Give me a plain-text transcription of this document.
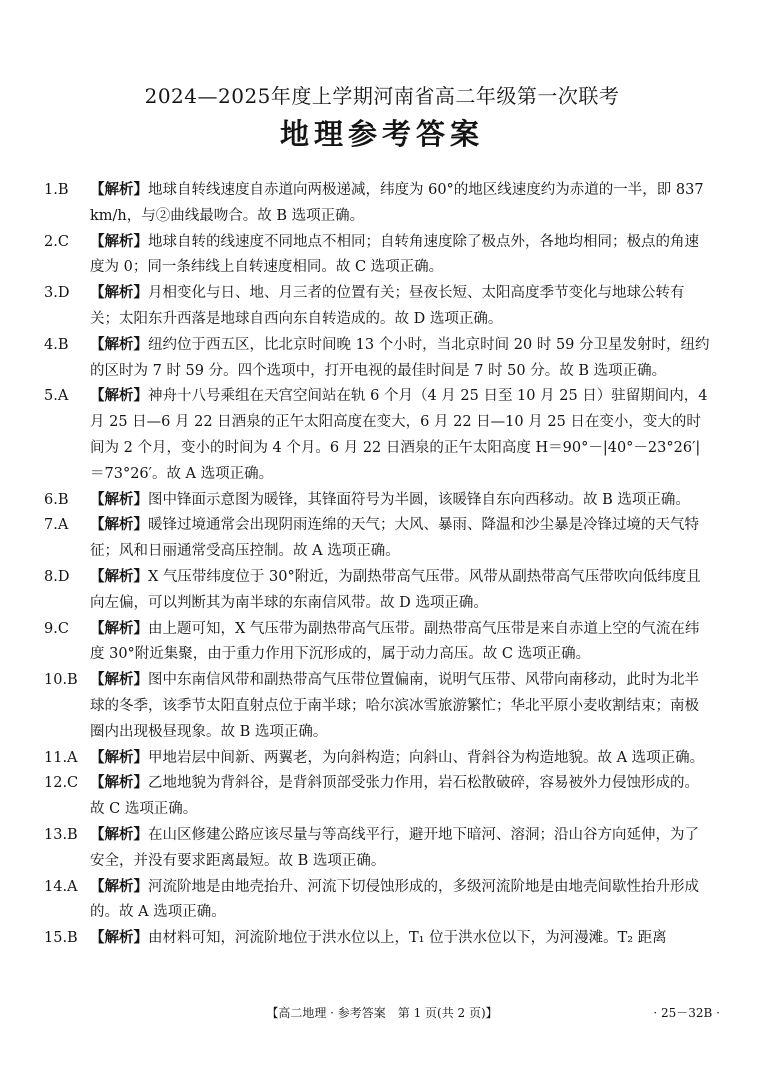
2024—2025年度上学期河南省高二年级第一次联考
地理参考答案

1.B 【解析】地球自转线速度自赤道向两极递减，纬度为 60°的地区线速度约为赤道的一半，即 837 km/h，与②曲线最吻合。故 B 选项正确。

2.C 【解析】地球自转的线速度不同地点不相同；自转角速度除了极点外，各地均相同；极点的角速度为 0；同一条纬线上自转速度相同。故 C 选项正确。

3.D 【解析】月相变化与日、地、月三者的位置有关；昼夜长短、太阳高度季节变化与地球公转有关；太阳东升西落是地球自西向东自转造成的。故 D 选项正确。

4.B 【解析】纽约位于西五区，比北京时间晚 13 个小时，当北京时间 20 时 59 分卫星发射时，纽约的区时为 7 时 59 分。四个选项中，打开电视的最佳时间是 7 时 50 分。故 B 选项正确。

5.A 【解析】神舟十八号乘组在天宫空间站在轨 6 个月（4 月 25 日至 10 月 25 日）驻留期间内，4 月 25 日—6 月 22 日酒泉的正午太阳高度在变大，6 月 22 日—10 月 25 日在变小，变大的时间为 2 个月，变小的时间为 4 个月。6 月 22 日酒泉的正午太阳高度 H＝90°－|40°－23°26′|＝73°26′。故 A 选项正确。

6.B 【解析】图中锋面示意图为暖锋，其锋面符号为半圆，该暖锋自东向西移动。故 B 选项正确。

7.A 【解析】暖锋过境通常会出现阴雨连绵的天气；大风、暴雨、降温和沙尘暴是冷锋过境的天气特征；风和日丽通常受高压控制。故 A 选项正确。

8.D 【解析】X 气压带纬度位于 30°附近，为副热带高气压带。风带从副热带高气压带吹向低纬度且向左偏，可以判断其为南半球的东南信风带。故 D 选项正确。

9.C 【解析】由上题可知，X 气压带为副热带高气压带。副热带高气压带是来自赤道上空的气流在纬度 30°附近集聚，由于重力作用下沉形成的，属于动力高压。故 C 选项正确。

10.B 【解析】图中东南信风带和副热带高气压带位置偏南，说明气压带、风带向南移动，此时为北半球的冬季，该季节太阳直射点位于南半球；哈尔滨冰雪旅游繁忙；华北平原小麦收割结束；南极圈内出现极昼现象。故 B 选项正确。

11.A 【解析】甲地岩层中间新、两翼老，为向斜构造；向斜山、背斜谷为构造地貌。故 A 选项正确。

12.C 【解析】乙地地貌为背斜谷，是背斜顶部受张力作用，岩石松散破碎，容易被外力侵蚀形成的。故 C 选项正确。

13.B 【解析】在山区修建公路应该尽量与等高线平行，避开地下暗河、溶洞；沿山谷方向延伸，为了安全，并没有要求距离最短。故 B 选项正确。

14.A 【解析】河流阶地是由地壳抬升、河流下切侵蚀形成的，多级河流阶地是由地壳间歇性抬升形成的。故 A 选项正确。

15.B 【解析】由材料可知，河流阶地位于洪水位以上，T₁ 位于洪水位以下，为河漫滩。T₂ 距离

【高二地理 · 参考答案　第 1 页(共 2 页)】	· 25－32B ·
